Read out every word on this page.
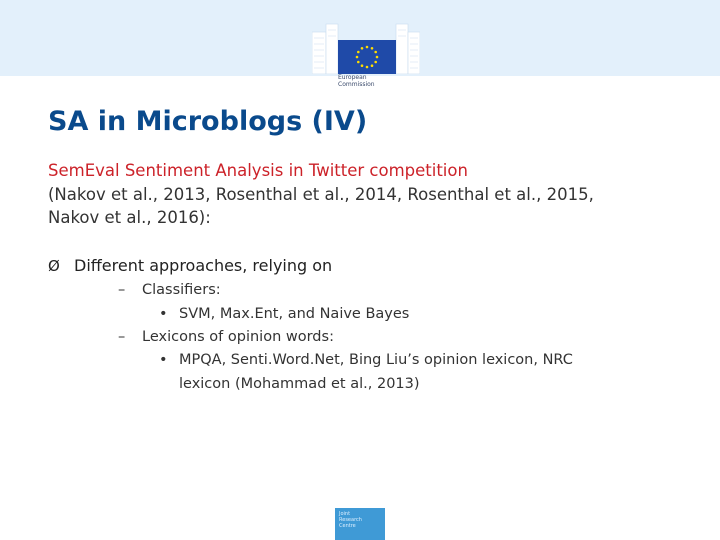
European
Commission
SA in Microblogs (IV)
SemEval Sentiment Analysis in Twitter competition
(Nakov et al., 2013, Rosenthal et al., 2014, Rosenthal et al., 2015,
Nakov et al., 2016):
Ø Different approaches, relying on
– Classifiers:
• SVM, Max.Ent, and Naive Bayes
– Lexicons of opinion words:
• MPQA, Senti.Word.Net, Bing Liu’s opinion lexicon, NRC
lexicon (Mohammad et al., 2013)
Joint
Research
Centre
